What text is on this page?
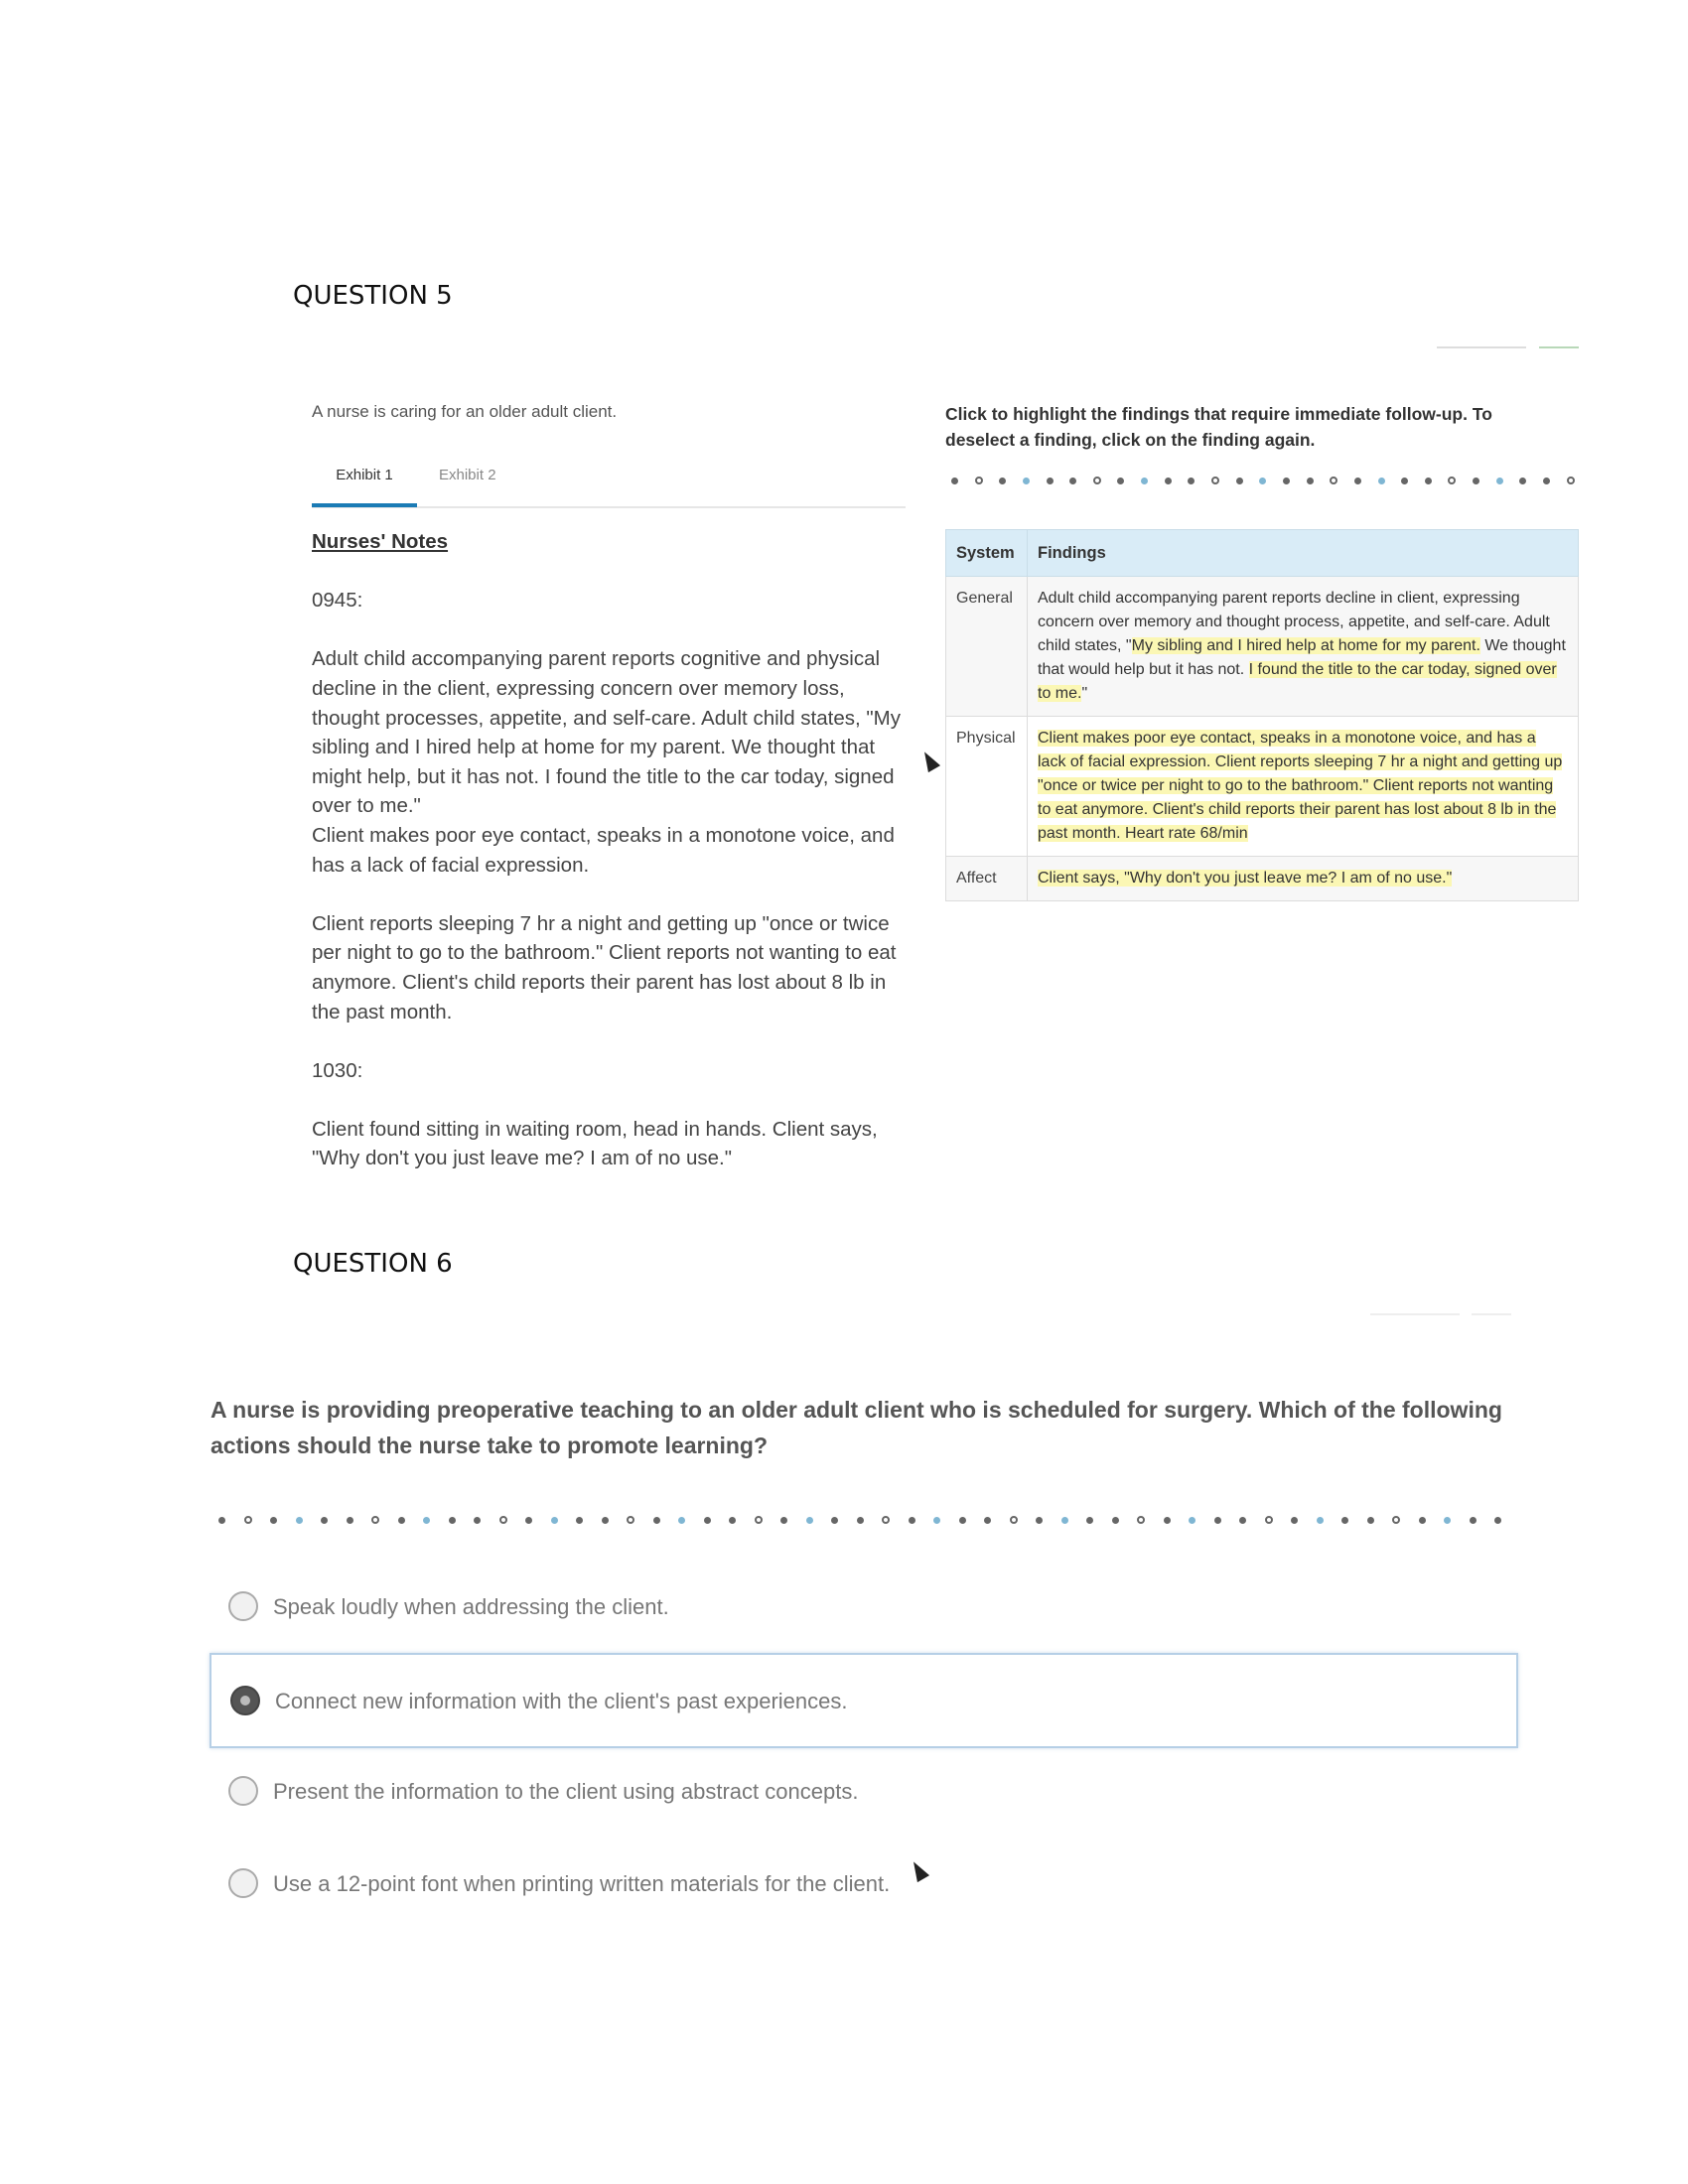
QUESTION 5
A nurse is caring for an older adult client.
Exhibit 1	Exhibit 2
Nurses' Notes

0945:

Adult child accompanying parent reports cognitive and physical decline in the client, expressing concern over memory loss, thought processes, appetite, and self-care. Adult child states, "My sibling and I hired help at home for my parent. We thought that might help, but it has not. I found the title to the car today, signed over to me."

Client makes poor eye contact, speaks in a monotone voice, and has a lack of facial expression.

Client reports sleeping 7 hr a night and getting up "once or twice per night to go to the bathroom." Client reports not wanting to eat anymore. Client's child reports their parent has lost about 8 lb in the past month.

1030:

Client found sitting in waiting room, head in hands. Client says, "Why don't you just leave me? I am of no use."

Click to highlight the findings that require immediate follow-up. To deselect a finding, click on the finding again.
System	Findings
General	Adult child accompanying parent reports decline in client, expressing concern over memory and thought process, appetite, and self-care. Adult child states, "My sibling and I hired help at home for my parent. We thought that would help but it has not. I found the title to the car today, signed over to me."
Physical	Client makes poor eye contact, speaks in a monotone voice, and has a lack of facial expression. Client reports sleeping 7 hr a night and getting up "once or twice per night to go to the bathroom." Client reports not wanting to eat anymore. Client's child reports their parent has lost about 8 lb in the past month. Heart rate 68/min
Affect	Client says, "Why don't you just leave me? I am of no use."
QUESTION 6
A nurse is providing preoperative teaching to an older adult client who is scheduled for surgery. Which of the following actions should the nurse take to promote learning?
Speak loudly when addressing the client.
Connect new information with the client's past experiences.
Present the information to the client using abstract concepts.
Use a 12-point font when printing written materials for the client.
